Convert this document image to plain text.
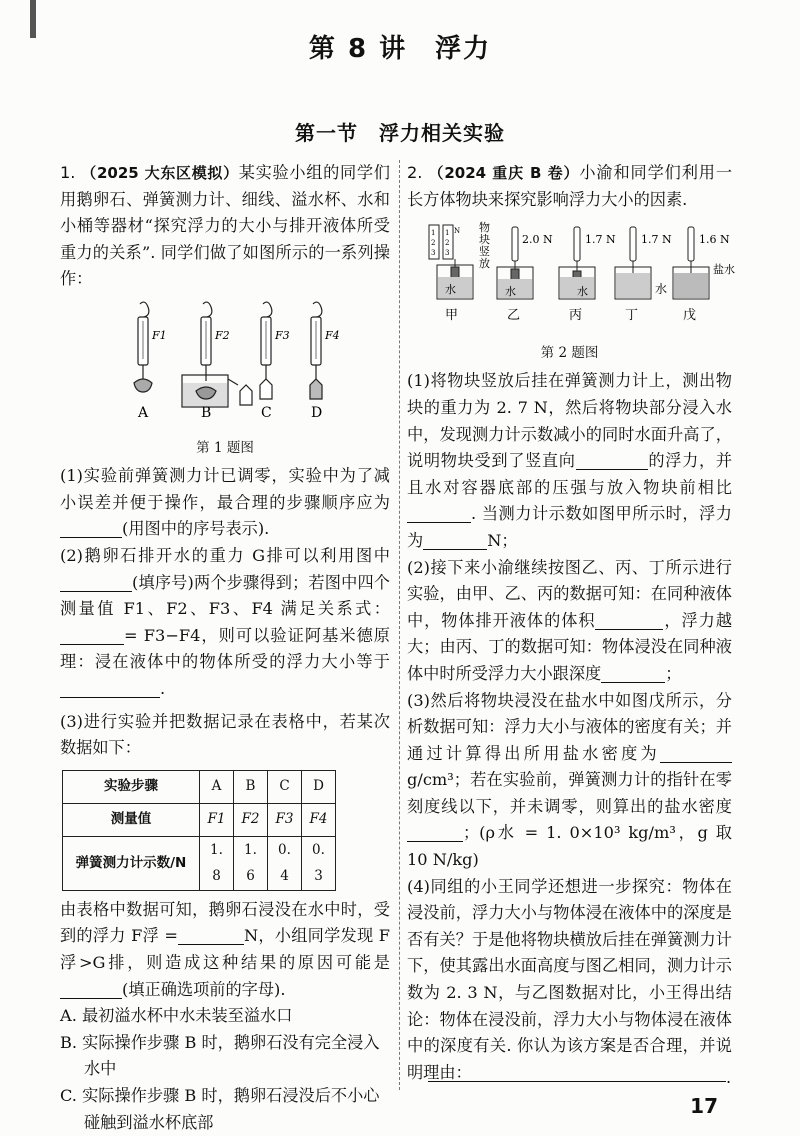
第 8 讲　浮力
第一节　浮力相关实验

1. （2025 大东区模拟）某实验小组的同学们用鹅卵石、弹簧测力计、细线、溢水杯、水和小桶等器材“探究浮力的大小与排开液体所受重力的关系”. 同学们做了如图所示的一系列操作：

F1	F2	F3	F4
A	B	C	D
第 1 题图

(1)实验前弹簧测力计已调零，实验中为了减小误差并便于操作，最合理的步骤顺序应为(用图中的序号表示).

(2)鹅卵石排开水的重力 G排可以利用图中(填序号)两个步骤得到；若图中四个测量值 F1、F2、F3、F4 满足关系式：= F3−F4，则可以验证阿基米德原理：浸在液体中的物体所受的浮力大小等于.

(3)进行实验并把数据记录在表格中，若某次数据如下：

实验步骤	A	B	C	D
测量值	F1	F2	F3	F4
弹簧测力计示数/N	1. 8	1. 6	0. 4	0. 3

由表格中数据可知，鹅卵石浸没在水中时，受到的浮力 F浮 =	N，小组同学发现 F浮>G排，则造成这种结果的原因可能是(填正确选项前的字母).

A. 最初溢水杯中水未装至溢水口

B. 实际操作步骤 B 时，鹅卵石没有完全浸入水中

C. 实际操作步骤 B 时，鹅卵石浸没后不小心碰触到溢水杯底部

2. （2024 重庆 B 卷）小渝和同学们利用一长方体物块来探究影响浮力大小的因素.

1
2
3
1
2
3
N
水
物块竖放
水
2.0 N
水
1.7 N 1.7 N
水
1.6 N
盐水
甲	乙	丙	丁	戊
第 2 题图

(1)将物块竖放后挂在弹簧测力计上，测出物块的重力为 2. 7 N，然后将物块部分浸入水中，发现测力计示数减小的同时水面升高了，说明物块受到了竖直向	的浮力，并且水对容器底部的压强与放入物块前相比. 当测力计示数如图甲所示时，浮力为	N；

(2)接下来小渝继续按图乙、丙、丁所示进行实验，由甲、乙、丙的数据可知：在同种液体中，物体排开液体的体积	，浮力越大；由丙、丁的数据可知：物体浸没在同种液体中时所受浮力大小跟深度	；

(3)然后将物块浸没在盐水中如图戊所示，分析数据可知：浮力大小与液体的密度有关；并通过计算得出所用盐水密度为g/cm³；若在实验前，弹簧测力计的指针在零刻度线以下，并未调零，则算出的盐水密度；(ρ水 = 1. 0×10³ kg/m³，g 取 10 N/kg)

(4)同组的小王同学还想进一步探究：物体在浸没前，浮力大小与物体浸在液体中的深度是否有关？于是他将物块横放后挂在弹簧测力计下，使其露出水面高度与图乙相同，测力计示数为 2. 3 N，与乙图数据对比，小王得出结论：物体在浸没前，浮力大小与物体浸在液体中的深度有关. 你认为该方案是否合理，并说明理由：	.
17
